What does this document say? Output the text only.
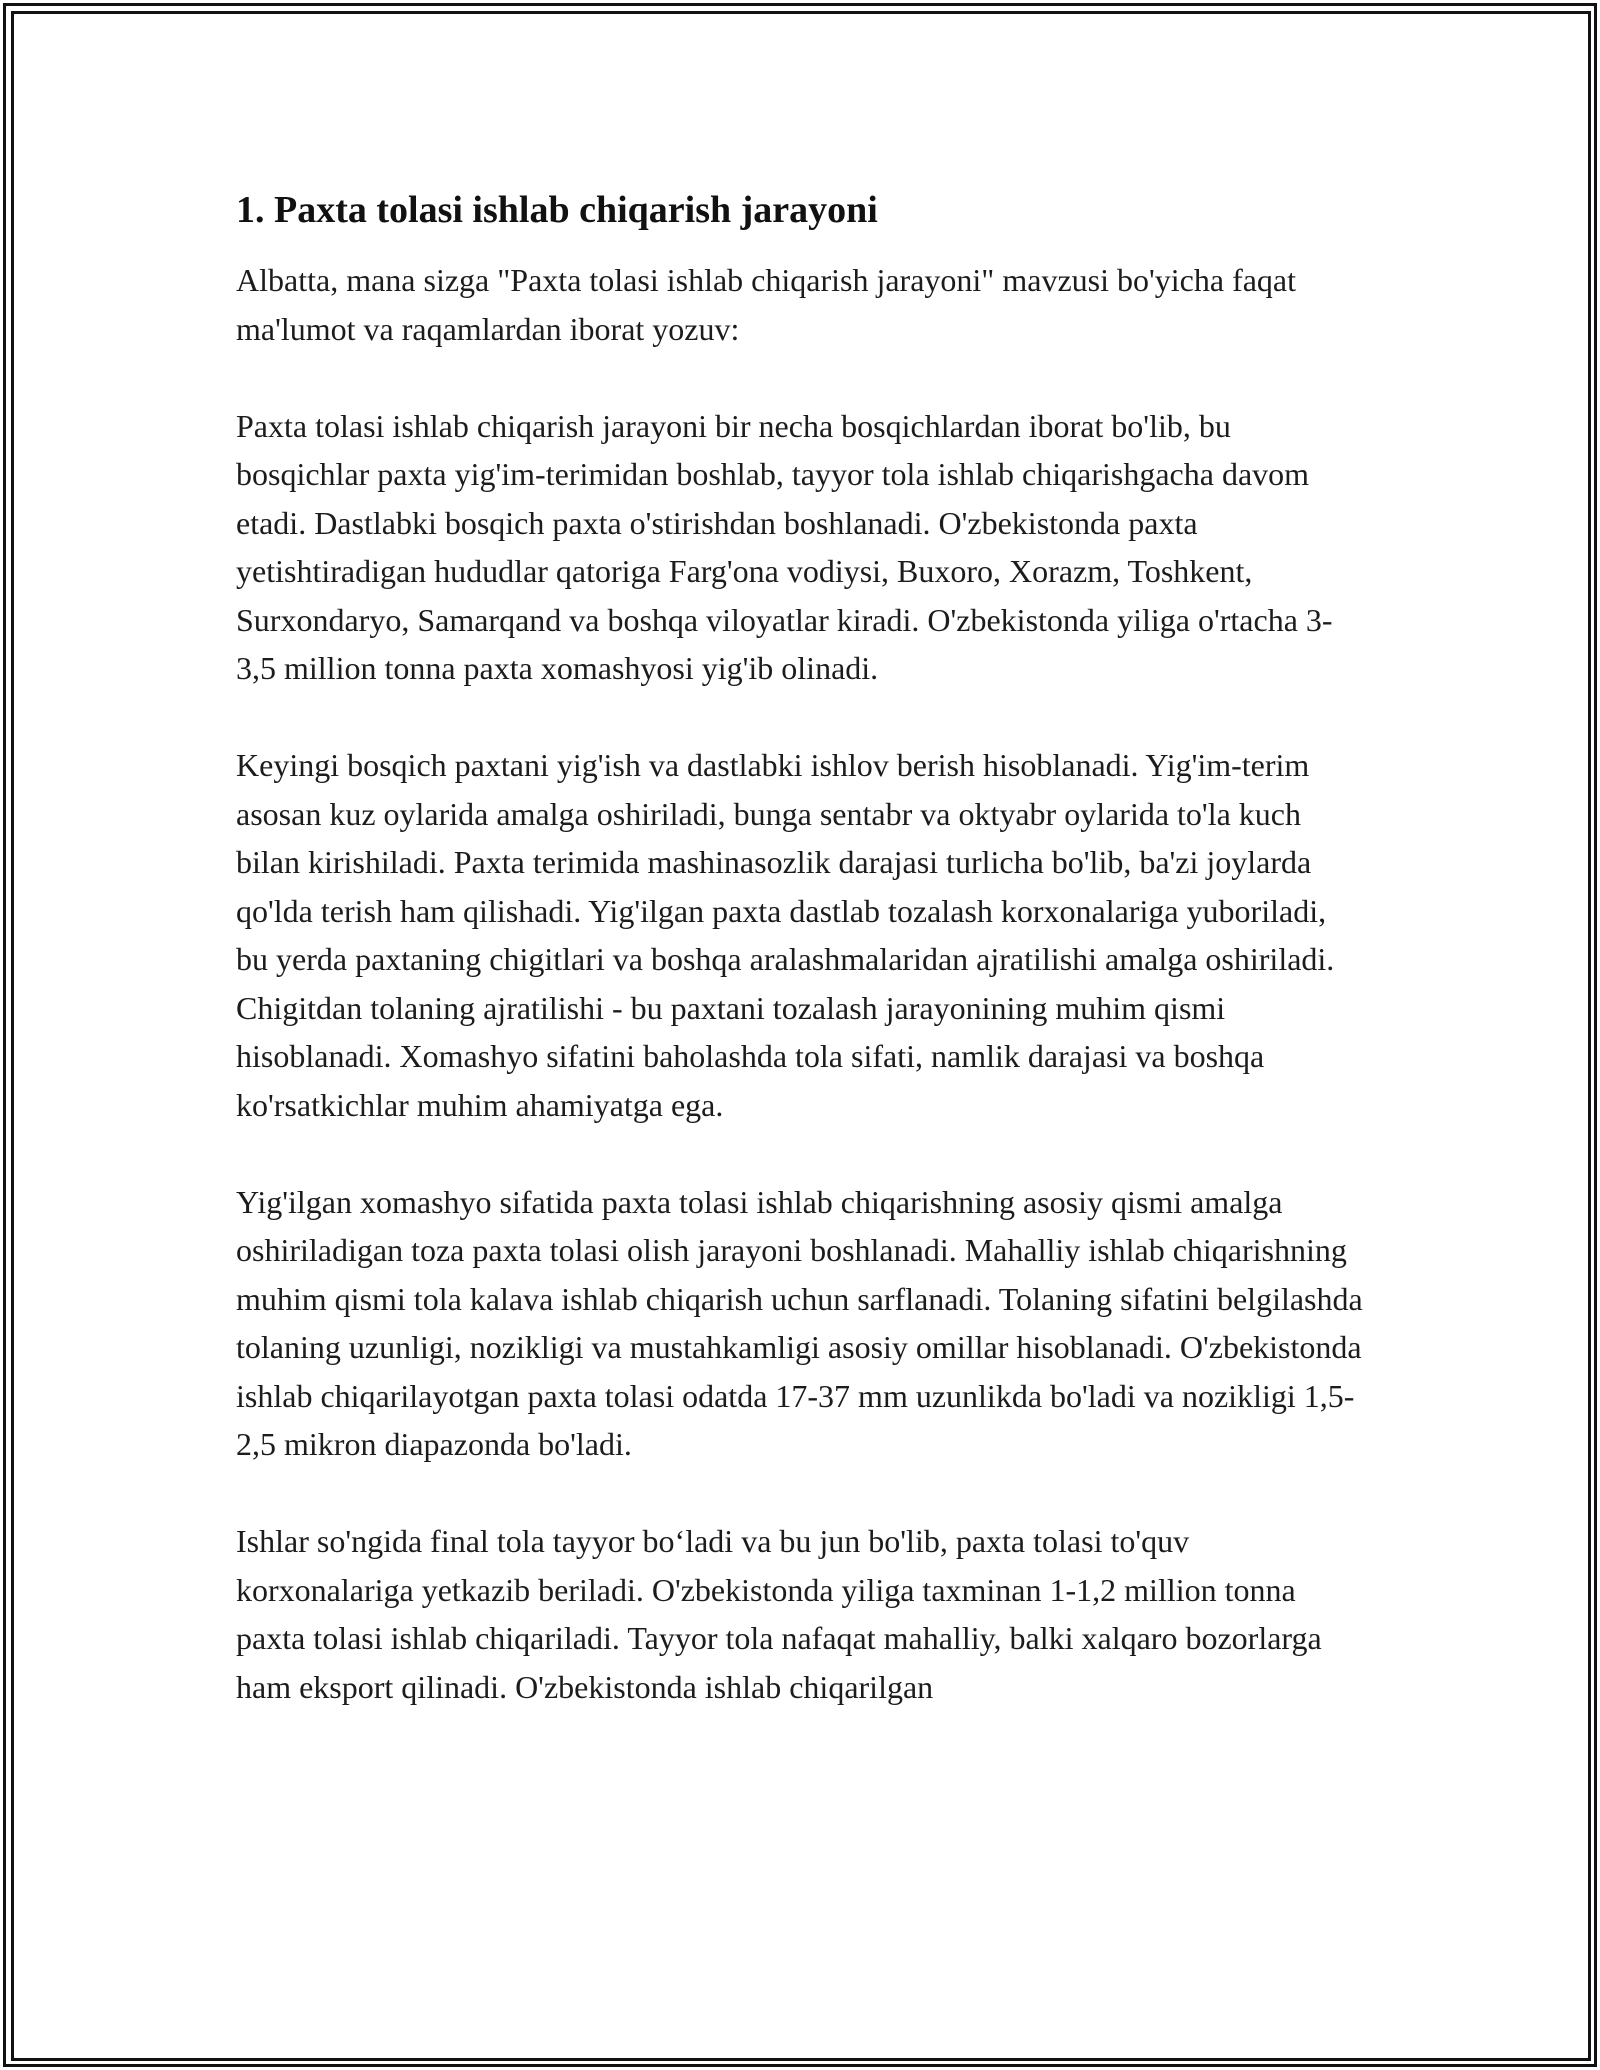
1. Paxta tolasi ishlab chiqarish jarayoni

Albatta, mana sizga "Paxta tolasi ishlab chiqarish jarayoni" mavzusi bo'yicha faqat ma'lumot va raqamlardan iborat yozuv:

Paxta tolasi ishlab chiqarish jarayoni bir necha bosqichlardan iborat bo'lib, bu bosqichlar paxta yig'im-terimidan boshlab, tayyor tola ishlab chiqarishgacha davom etadi. Dastlabki bosqich paxta o'stirishdan boshlanadi. O'zbekistonda paxta yetishtiradigan hududlar qatoriga Farg'ona vodiysi, Buxoro, Xorazm, Toshkent, Surxondaryo, Samarqand va boshqa viloyatlar kiradi. O'zbekistonda yiliga o'rtacha 3-3,5 million tonna paxta xomashyosi yig'ib olinadi.

Keyingi bosqich paxtani yig'ish va dastlabki ishlov berish hisoblanadi. Yig'im-terim asosan kuz oylarida amalga oshiriladi, bunga sentabr va oktyabr oylarida to'la kuch bilan kirishiladi. Paxta terimida mashinasozlik darajasi turlicha bo'lib, ba'zi joylarda qo'lda terish ham qilishadi. Yig'ilgan paxta dastlab tozalash korxonalariga yuboriladi, bu yerda paxtaning chigitlari va boshqa aralashmalaridan ajratilishi amalga oshiriladi. Chigitdan tolaning ajratilishi - bu paxtani tozalash jarayonining muhim qismi hisoblanadi. Xomashyo sifatini baholashda tola sifati, namlik darajasi va boshqa ko'rsatkichlar muhim ahamiyatga ega.

Yig'ilgan xomashyo sifatida paxta tolasi ishlab chiqarishning asosiy qismi amalga oshiriladigan toza paxta tolasi olish jarayoni boshlanadi. Mahalliy ishlab chiqarishning muhim qismi tola kalava ishlab chiqarish uchun sarflanadi. Tolaning sifatini belgilashda tolaning uzunligi, nozikligi va mustahkamligi asosiy omillar hisoblanadi. O'zbekistonda ishlab chiqarilayotgan paxta tolasi odatda 17-37 mm uzunlikda bo'ladi va nozikligi 1,5-2,5 mikron diapazonda bo'ladi.

Ishlar so'ngida final tola tayyor bo‘ladi va bu jun bo'lib, paxta tolasi to'quv korxonalariga yetkazib beriladi. O'zbekistonda yiliga taxminan 1-1,2 million tonna paxta tolasi ishlab chiqariladi. Tayyor tola nafaqat mahalliy, balki xalqaro bozorlarga ham eksport qilinadi. O'zbekistonda ishlab chiqarilgan
